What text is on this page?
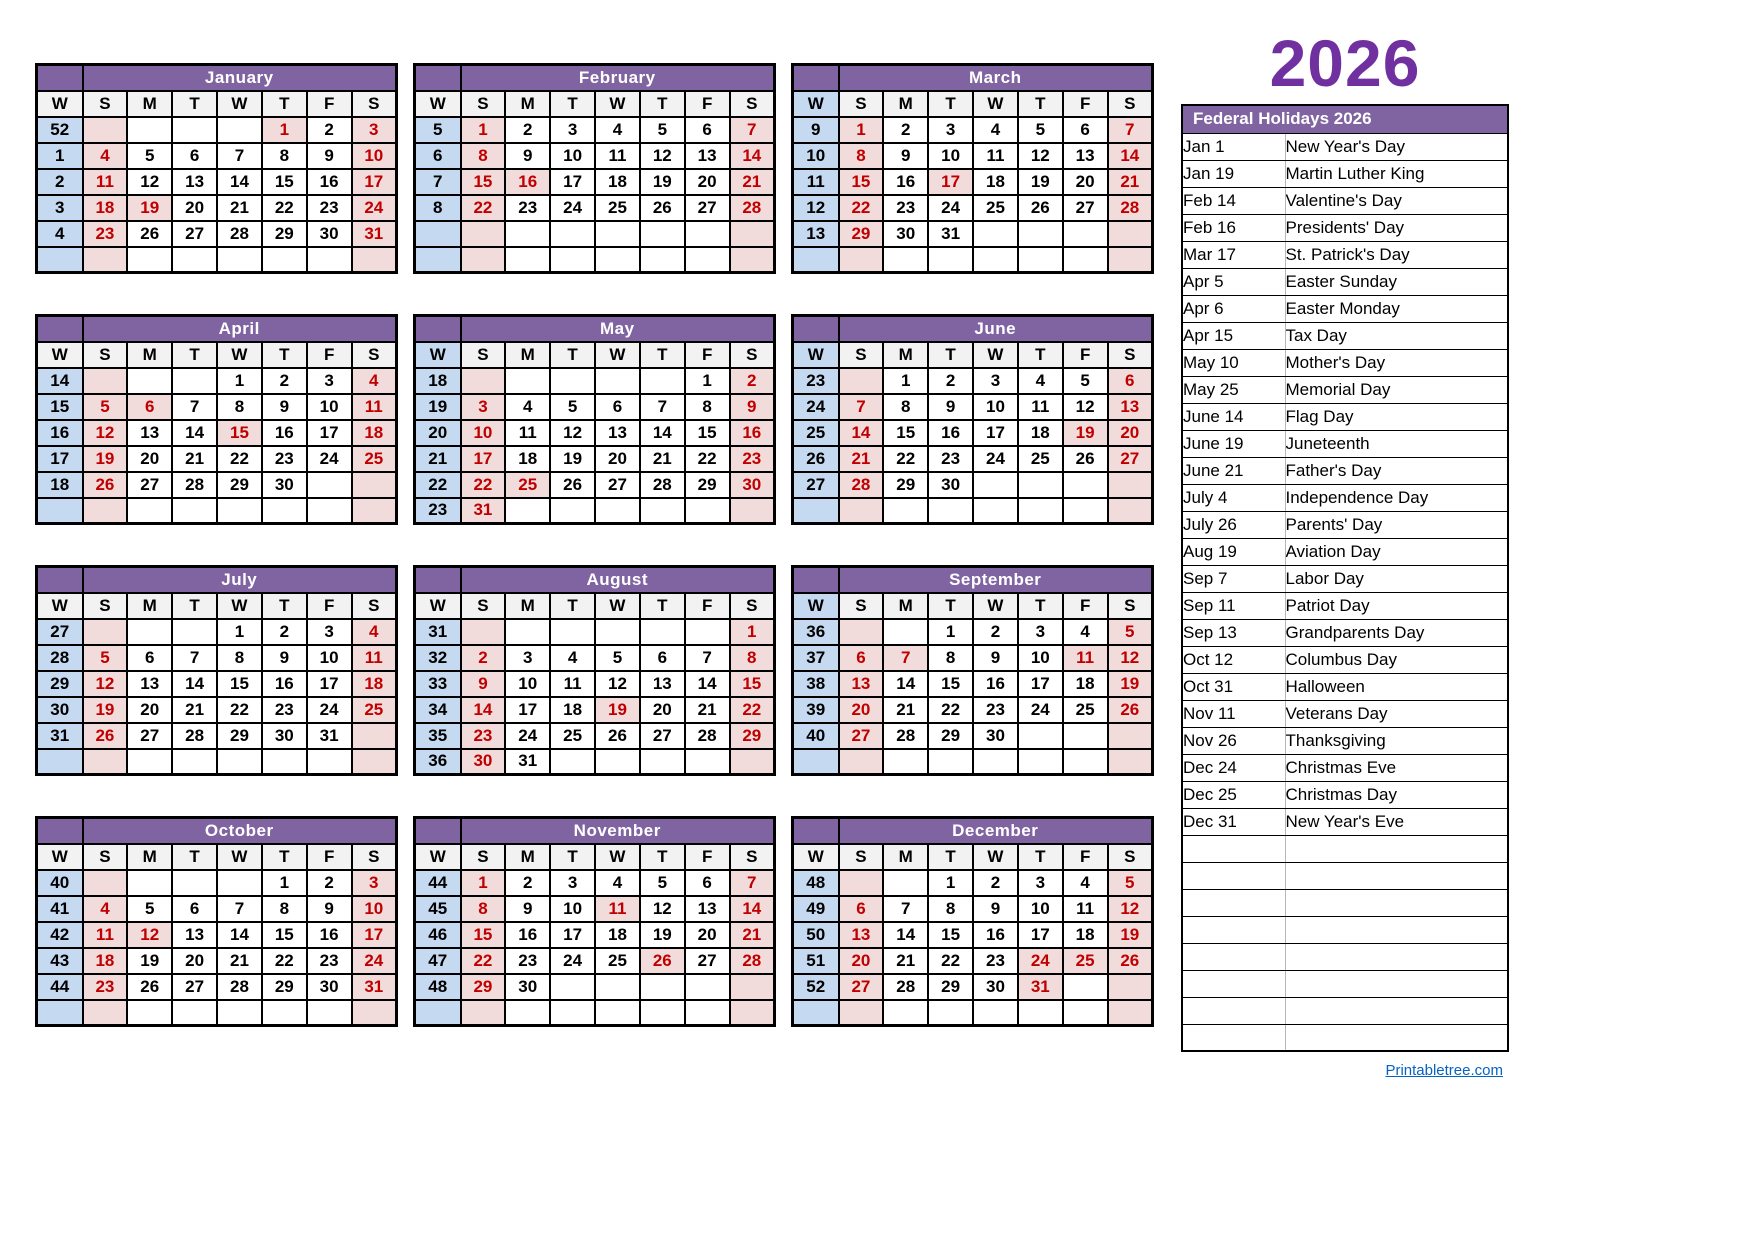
	January						
W	S	M	T	W	T	F	S
52					1	2	3
1	4	5	6	7	8	9	10
2	11	12	13	14	15	16	17
3	18	19	20	21	22	23	24
4	23	26	27	28	29	30	31

	February						
W	S	M	T	W	T	F	S
5	1	2	3	4	5	6	7
6	8	9	10	11	12	13	14
7	15	16	17	18	19	20	21
8	22	23	24	25	26	27	28

	March						
W	S	M	T	W	T	F	S
9	1	2	3	4	5	6	7
10	8	9	10	11	12	13	14
11	15	16	17	18	19	20	21
12	22	23	24	25	26	27	28
13	29	30	31				

	April						
W	S	M	T	W	T	F	S
14				1	2	3	4
15	5	6	7	8	9	10	11
16	12	13	14	15	16	17	18
17	19	20	21	22	23	24	25
18	26	27	28	29	30		

	May						
W	S	M	T	W	T	F	S
18						1	2
19	3	4	5	6	7	8	9
20	10	11	12	13	14	15	16
21	17	18	19	20	21	22	23
22	22	25	26	27	28	29	30
23	31						
	June						
W	S	M	T	W	T	F	S
23		1	2	3	4	5	6
24	7	8	9	10	11	12	13
25	14	15	16	17	18	19	20
26	21	22	23	24	25	26	27
27	28	29	30				

	July						
W	S	M	T	W	T	F	S
27				1	2	3	4
28	5	6	7	8	9	10	11
29	12	13	14	15	16	17	18
30	19	20	21	22	23	24	25
31	26	27	28	29	30	31	

	August						
W	S	M	T	W	T	F	S
31							1
32	2	3	4	5	6	7	8
33	9	10	11	12	13	14	15
34	14	17	18	19	20	21	22
35	23	24	25	26	27	28	29
36	30	31					
	September						
W	S	M	T	W	T	F	S
36			1	2	3	4	5
37	6	7	8	9	10	11	12
38	13	14	15	16	17	18	19
39	20	21	22	23	24	25	26
40	27	28	29	30			

	October						
W	S	M	T	W	T	F	S
40					1	2	3
41	4	5	6	7	8	9	10
42	11	12	13	14	15	16	17
43	18	19	20	21	22	23	24
44	23	26	27	28	29	30	31

	November						
W	S	M	T	W	T	F	S
44	1	2	3	4	5	6	7
45	8	9	10	11	12	13	14
46	15	16	17	18	19	20	21
47	22	23	24	25	26	27	28
48	29	30					

	December						
W	S	M	T	W	T	F	S
48			1	2	3	4	5
49	6	7	8	9	10	11	12
50	13	14	15	16	17	18	19
51	20	21	22	23	24	25	26
52	27	28	29	30	31		

2026
Federal Holidays 2026	
Jan 1	New Year's Day
Jan 19	Martin Luther King
Feb 14	Valentine's Day
Feb 16	Presidents' Day
Mar 17	St. Patrick's Day
Apr 5	Easter Sunday
Apr 6	Easter Monday
Apr 15	Tax Day
May 10	Mother's Day
May 25	Memorial Day
June 14	Flag Day
June 19	Juneteenth
June 21	Father's Day
July 4	Independence Day
July 26	Parents' Day
Aug 19	Aviation Day
Sep 7	Labor Day
Sep 11	Patriot Day
Sep 13	Grandparents Day
Oct 12	Columbus Day
Oct 31	Halloween
Nov 11	Veterans Day
Nov 26	Thanksgiving
Dec 24	Christmas Eve
Dec 25	Christmas Day
Dec 31	New Year's Eve

Printabletree.com
